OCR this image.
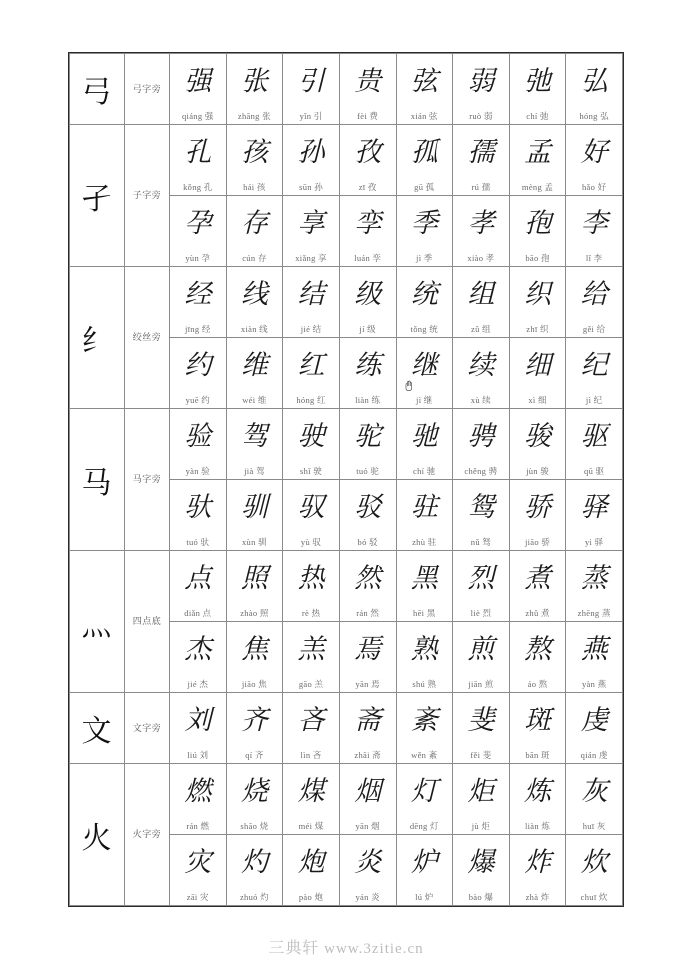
弓	弓字旁	强	张	引	贵	弦	弱	弛	弘

		qiáng 强	zhāng 张	yǐn 引	fèi 费	xián 弦	ruò 弱	chí 弛	hóng 弘

孑	子字旁	孔	孩	孙	孜	孤	孺	孟	好

		kǒng 孔	hái 孩	sūn 孙	zī 孜	gū 孤	rú 孺	mèng 孟	hǎo 好

		孕	存	享	孪	季	孝	孢	李

		yùn 孕	cún 存	xiǎng 享	luán 孪	jì 季	xiào 孝	bāo 孢	lǐ 李

纟	绞丝旁	经	线	结	级	统	组	织	给

		jīng 经	xiàn 线	jié 结	jí 级	tǒng 统	zǔ 组	zhī 织	gěi 给

		约	维	红	练	继	续	细	纪

		yuē 约	wéi 维	hóng 红	liàn 练	jì 继	xù 续	xì 细	jì 纪

马	马字旁	验	驾	驶	驼	驰	骋	骏	驱

		yàn 验	jià 驾	shǐ 驶	tuó 驼	chí 驰	chěng 骋	jùn 骏	qū 驱

		驮	驯	驭	驳	驻	鸳	骄	驿

		tuó 驮	xùn 驯	yù 驭	bó 驳	zhù 驻	nǔ 驽	jiāo 骄	yì 驿

灬	四点底	点	照	热	然	黑	烈	煮	蒸

		diǎn 点	zhào 照	rè 热	rán 然	hēi 黑	liè 烈	zhǔ 煮	zhēng 蒸

		杰	焦	羔	焉	熟	煎	熬	燕

		jié 杰	jiāo 焦	gāo 羔	yān 焉	shú 熟	jiān 煎	áo 熬	yàn 燕

文	文字旁	刘	齐	吝	斋	紊	斐	斑	虔

		liú 刘	qí 齐	lìn 吝	zhāi 斋	wěn 紊	fěi 斐	bān 斑	qián 虔

火	火字旁	燃	烧	煤	烟	灯	炬	炼	灰

		rán 燃	shāo 烧	méi 煤	yān 烟	dēng 灯	jù 炬	liàn 炼	huī 灰

		灾	灼	炮	炎	炉	爆	炸	炊

		zāi 灾	zhuó 灼	pào 炮	yán 炎	lú 炉	bào 爆	zhà 炸	chuī 炊
三典轩 www.3zitie.cn
